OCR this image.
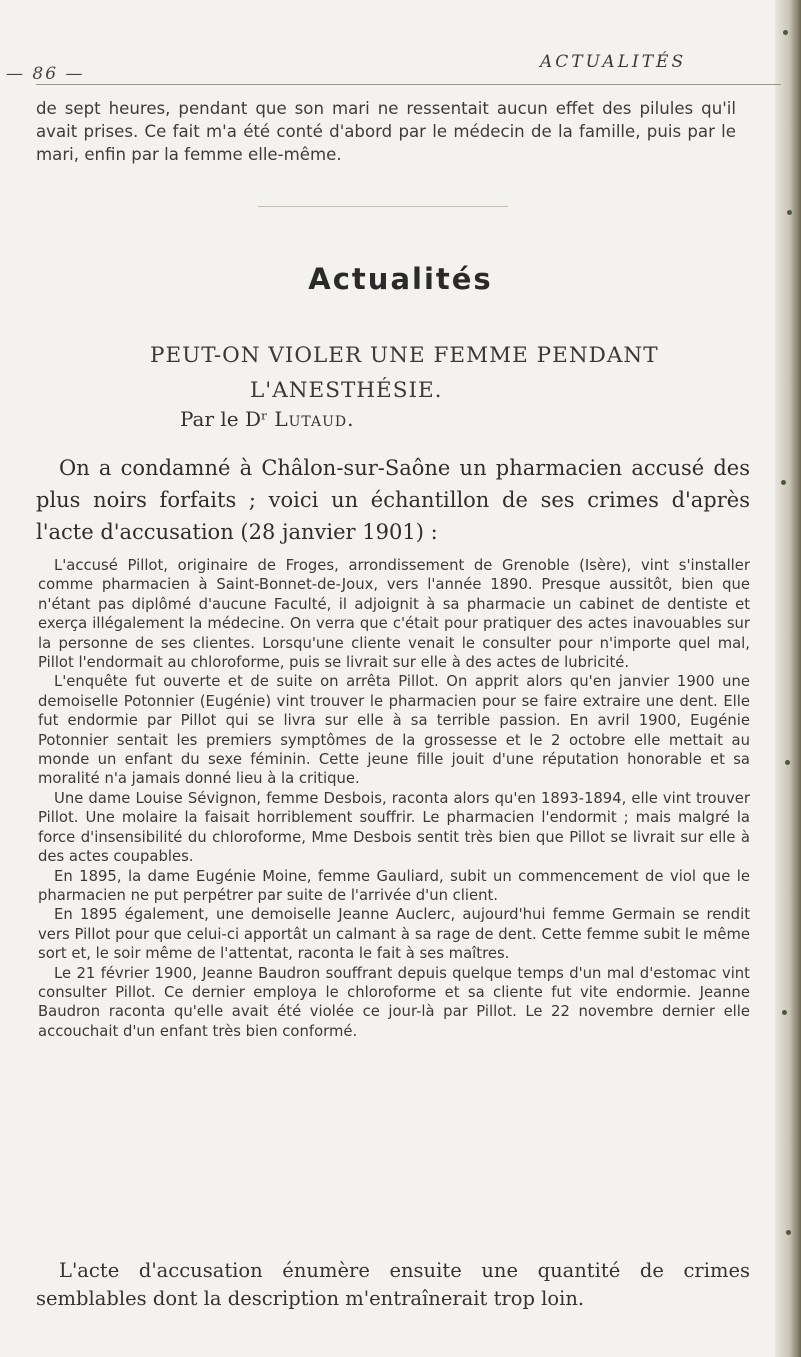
— 86 —
ACTUALITÉS
de sept heures, pendant que son mari ne ressentait aucun effet des pilules qu'il avait prises. Ce fait m'a été conté d'abord par le médecin de la famille, puis par le mari, enfin par la femme elle-même.
Actualités
PEUT-ON VIOLER UNE FEMME PENDANT
L'ANESTHÉSIE.
Par le Dʳ Lutaud.
On a condamné à Châlon-sur-Saône un pharmacien accusé des plus noirs forfaits ; voici un échantillon de ses crimes d'après l'acte d'accusation (28 janvier 1901) :

L'accusé Pillot, originaire de Froges, arrondissement de Grenoble (Isère), vint s'installer comme pharmacien à Saint-Bonnet-de-Joux, vers l'année 1890. Presque aussitôt, bien que n'étant pas diplômé d'aucune Faculté, il adjoignit à sa pharmacie un cabinet de dentiste et exerça illégalement la médecine. On verra que c'était pour pratiquer des actes inavouables sur la personne de ses clientes. Lorsqu'une cliente venait le consulter pour n'importe quel mal, Pillot l'endormait au chloroforme, puis se livrait sur elle à des actes de lubricité.

L'enquête fut ouverte et de suite on arrêta Pillot. On apprit alors qu'en janvier 1900 une demoiselle Potonnier (Eugénie) vint trouver le pharmacien pour se faire extraire une dent. Elle fut endormie par Pillot qui se livra sur elle à sa terrible passion. En avril 1900, Eugénie Potonnier sentait les premiers symptômes de la grossesse et le 2 octobre elle mettait au monde un enfant du sexe féminin. Cette jeune fille jouit d'une réputation honorable et sa moralité n'a jamais donné lieu à la critique.

Une dame Louise Sévignon, femme Desbois, raconta alors qu'en 1893-1894, elle vint trouver Pillot. Une molaire la faisait horriblement souffrir. Le pharmacien l'endormit ; mais malgré la force d'insensibilité du chloroforme, Mme Desbois sentit très bien que Pillot se livrait sur elle à des actes coupables.

En 1895, la dame Eugénie Moine, femme Gauliard, subit un commencement de viol que le pharmacien ne put perpétrer par suite de l'arrivée d'un client.

En 1895 également, une demoiselle Jeanne Auclerc, aujourd'hui femme Germain se rendit vers Pillot pour que celui-ci apportât un calmant à sa rage de dent. Cette femme subit le même sort et, le soir même de l'attentat, raconta le fait à ses maîtres.

Le 21 février 1900, Jeanne Baudron souffrant depuis quelque temps d'un mal d'estomac vint consulter Pillot. Ce dernier employa le chloroforme et sa cliente fut vite endormie. Jeanne Baudron raconta qu'elle avait été violée ce jour-là par Pillot. Le 22 novembre dernier elle accouchait d'un enfant très bien conformé.

L'acte d'accusation énumère ensuite une quantité de crimes semblables dont la description m'entraînerait trop loin.
